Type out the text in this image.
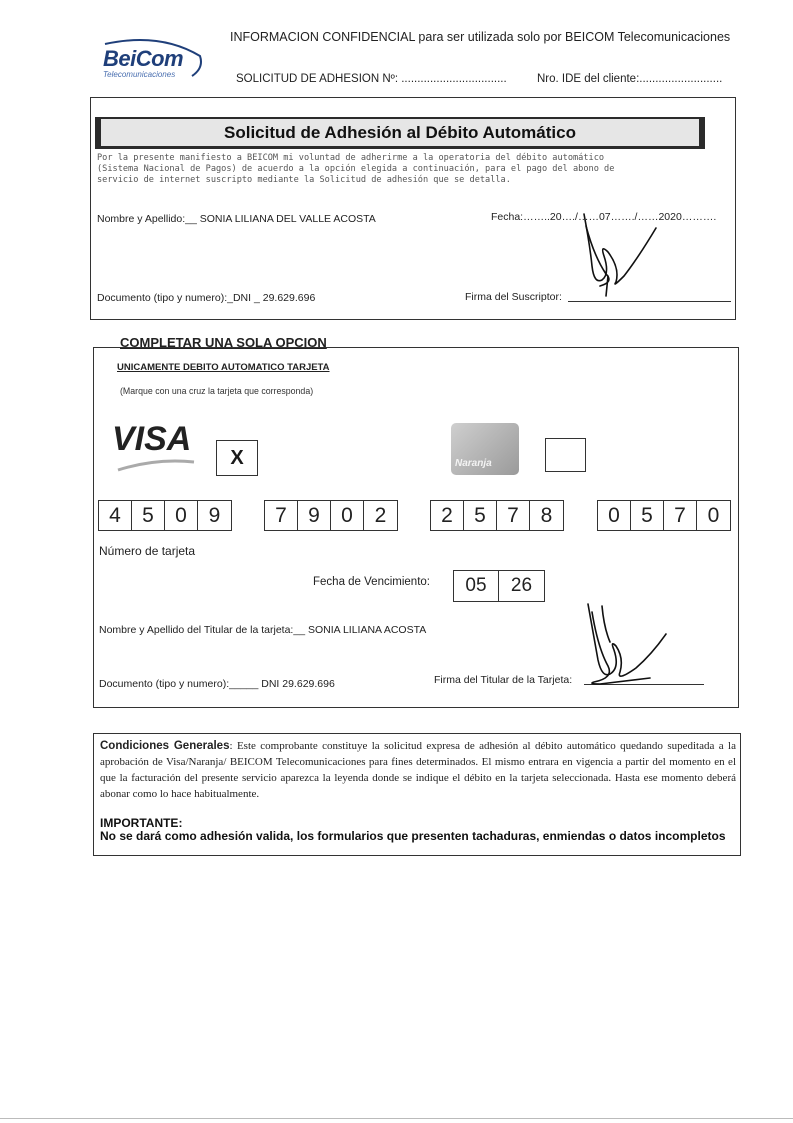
BeiCom
Telecomunicaciones
INFORMACION CONFIDENCIAL para ser utilizada solo por BEICOM Telecomunicaciones
SOLICITUD DE ADHESION Nº: .................................	Nro. IDE del cliente:..........................
Solicitud de Adhesión al Débito Automático
Por la presente manifiesto a BEICOM mi voluntad de adherirme a la operatoria del débito automático
(Sistema Nacional de Pagos) de acuerdo a la opción elegida a continuación, para el pago del abono de
servicio de internet suscripto mediante la Solicitud de adhesión que se detalla.
Nombre y Apellido:__ SONIA LILIANA DEL VALLE ACOSTA	Fecha:……..20…./……07……./……2020……….
Documento (tipo y numero):_DNI _ 29.629.696	Firma del Suscriptor:
COMPLETAR UNA SOLA OPCION
UNICAMENTE DEBITO AUTOMATICO TARJETA
(Marque con una cruz la tarjeta que corresponda)
VISA	X	Naranja
4	5	0	9	7	9	0	2	2	5	7	8	0	5	7	0
Número de tarjeta
Fecha de Vencimiento:	05	26
Nombre y Apellido del Titular de la tarjeta:__ SONIA LILIANA ACOSTA
Documento (tipo y numero):_____ DNI 29.629.696	Firma del Titular de la Tarjeta:
Condiciones Generales: Este comprobante constituye la solicitud expresa de adhesión al débito automático quedando supeditada a la aprobación de Visa/Naranja/ BEICOM Telecomunicaciones para fines determinados. El mismo entrara en vigencia a partir del momento en el que la facturación del presente servicio aparezca la leyenda donde se indique el débito en la tarjeta seleccionada. Hasta ese momento deberá abonar como lo hace habitualmente.
IMPORTANTE:
No se dará como adhesión valida, los formularios que presenten tachaduras, enmiendas o datos incompletos
